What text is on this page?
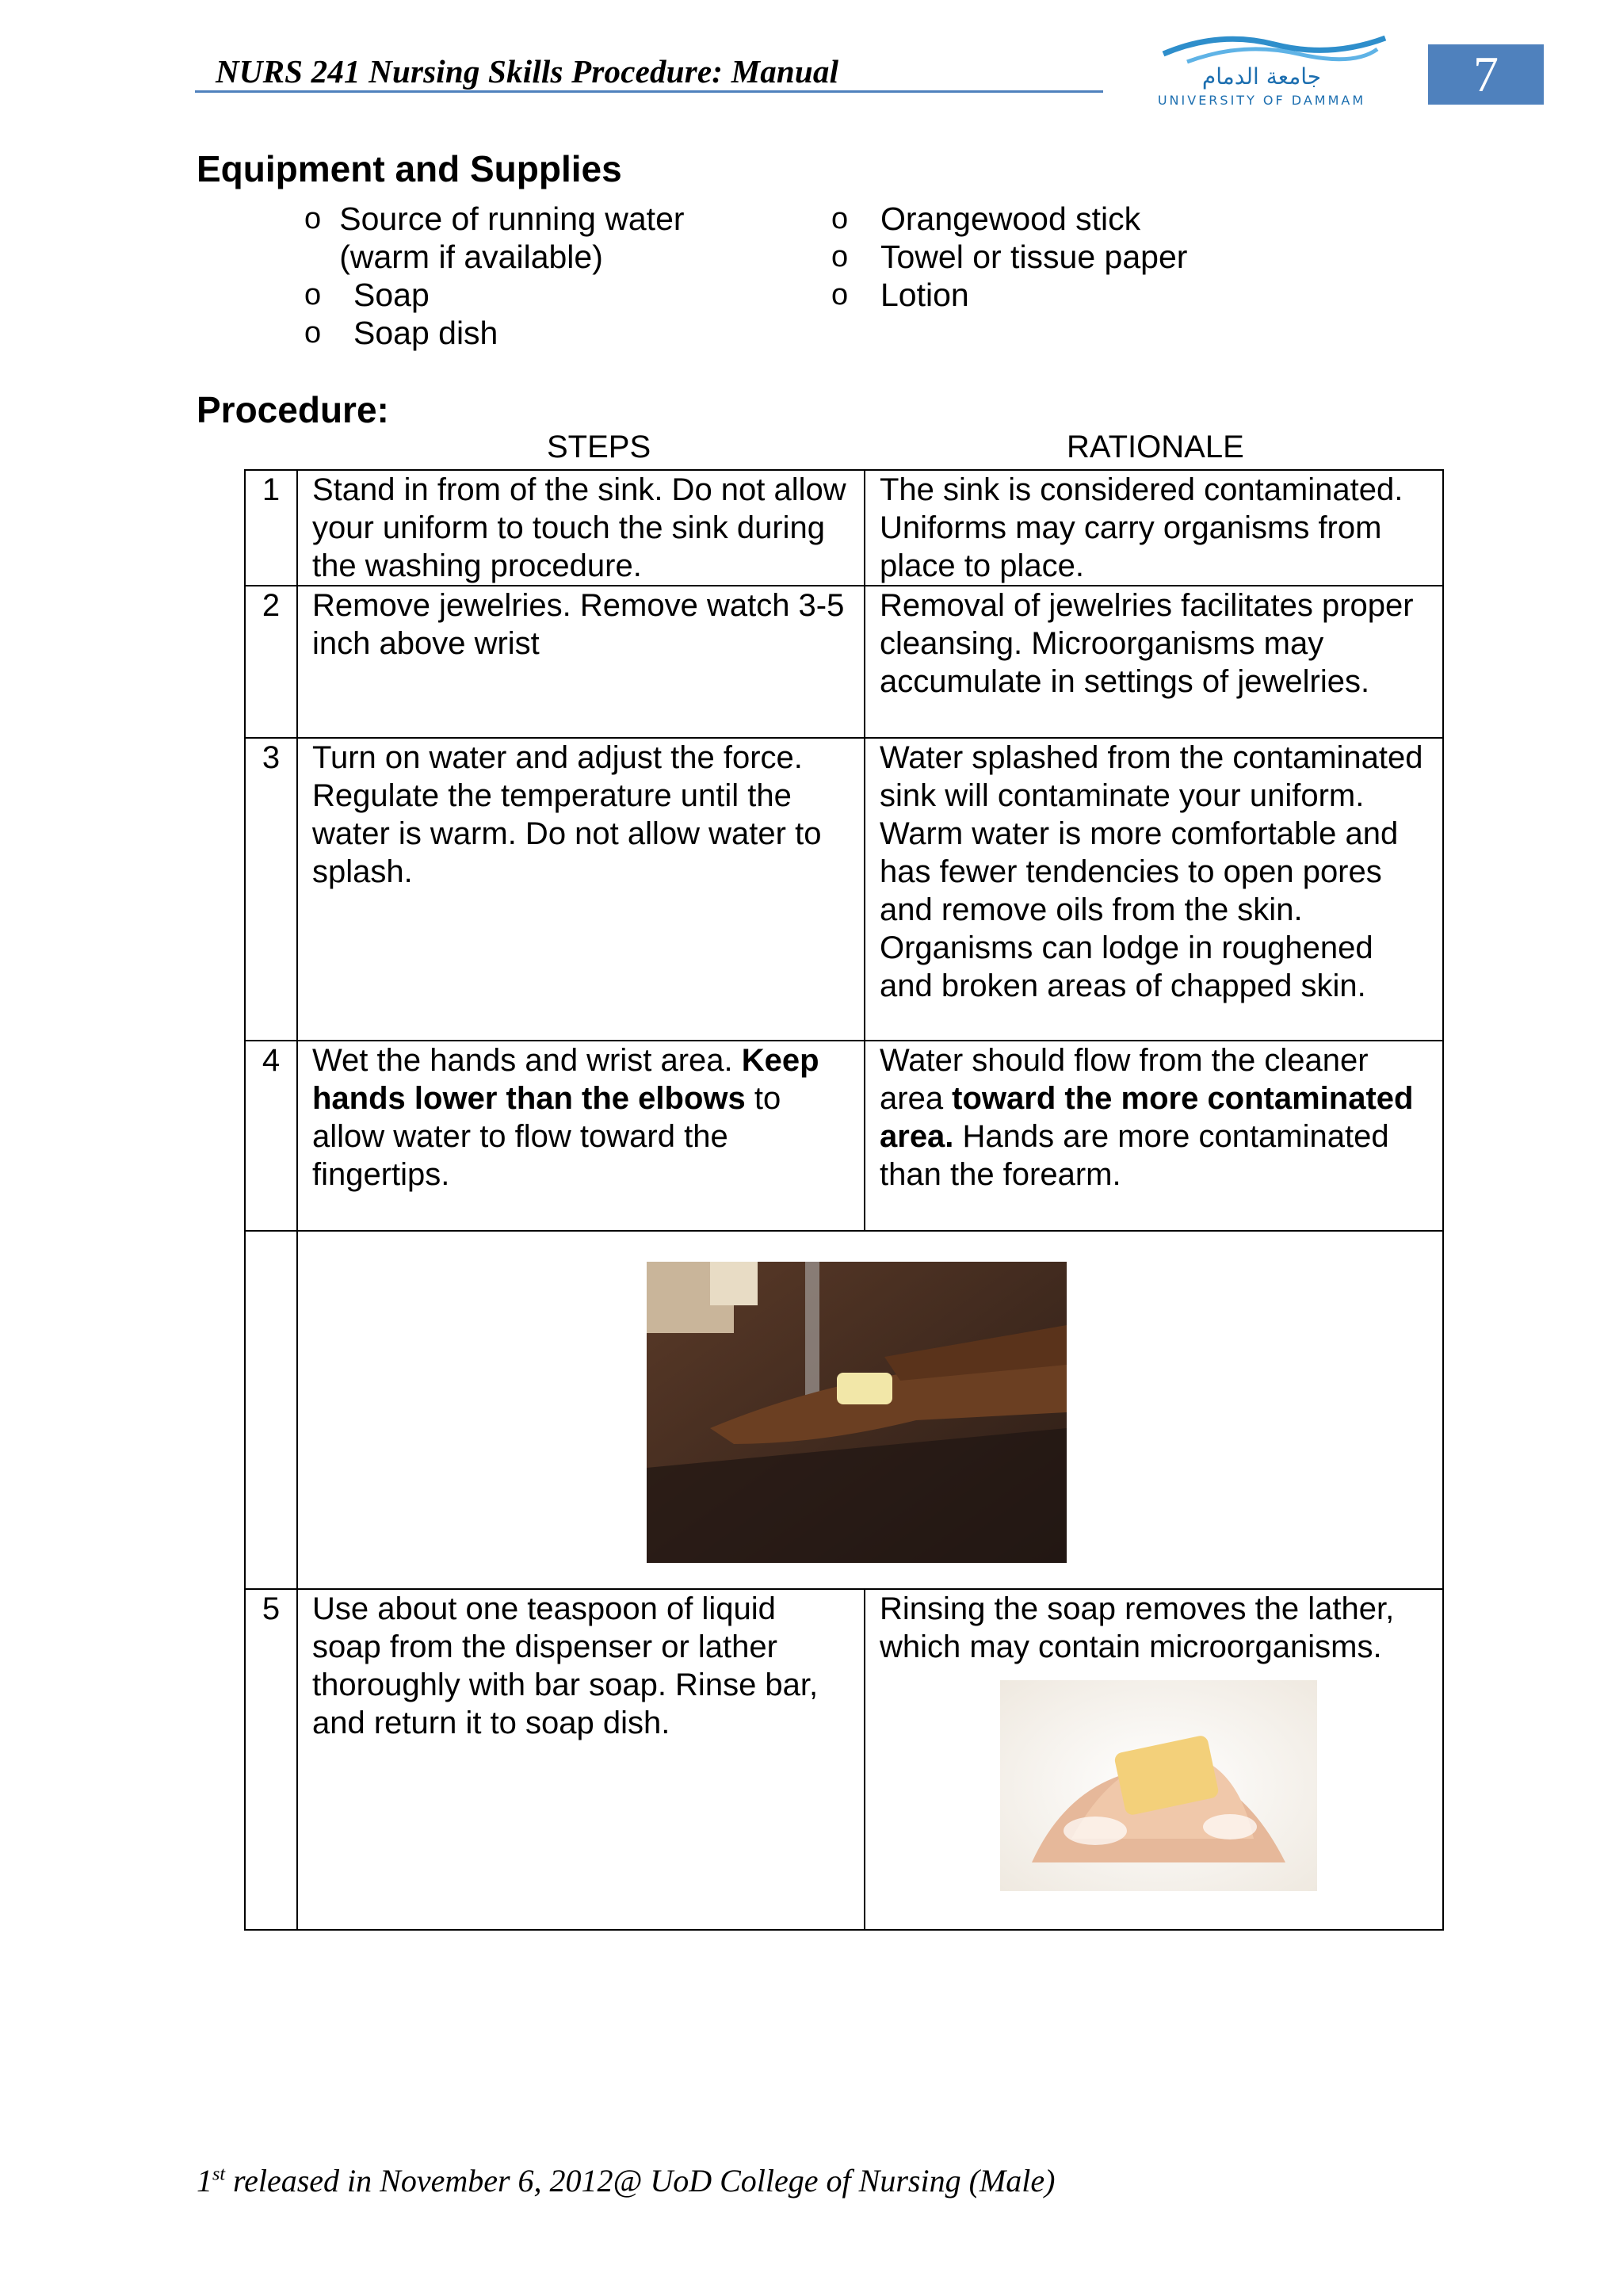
NURS 241 Nursing Skills Procedure: Manual	جامعة الدمام
UNIVERSITY OF DAMMAM	7
Equipment and Supplies
o Source of running water (warm if available)
o Soap
o Soap dish
o Orangewood stick
o Towel or tissue paper
o Lotion
Procedure:
STEPS	RATIONALE
1	Stand in from of the sink. Do not allow your uniform to touch the sink during the washing procedure.	The sink is considered contaminated. Uniforms may carry organisms from place to place.
2	Remove jewelries. Remove watch 3-5 inch above wrist	Removal of jewelries facilitates proper cleansing. Microorganisms may accumulate in settings of jewelries.
3	Turn on water and adjust the force. Regulate the temperature until the water is warm. Do not allow water to splash.	Water splashed from the contaminated sink will contaminate your uniform. Warm water is more comfortable and has fewer tendencies to open pores and remove oils from the skin. Organisms can lodge in roughened and broken areas of chapped skin.
4	Wet the hands and wrist area. Keep hands lower than the elbows to allow water to flow toward the fingertips.	Water should flow from the cleaner area toward the more contaminated area. Hands are more contaminated than the forearm.

5	Use about one teaspoon of liquid soap from the dispenser or lather thoroughly with bar soap. Rinse bar, and return it to soap dish.	Rinsing the soap removes the lather, which may contain microorganisms.
1st released in November 6, 2012@ UoD College of Nursing (Male)
